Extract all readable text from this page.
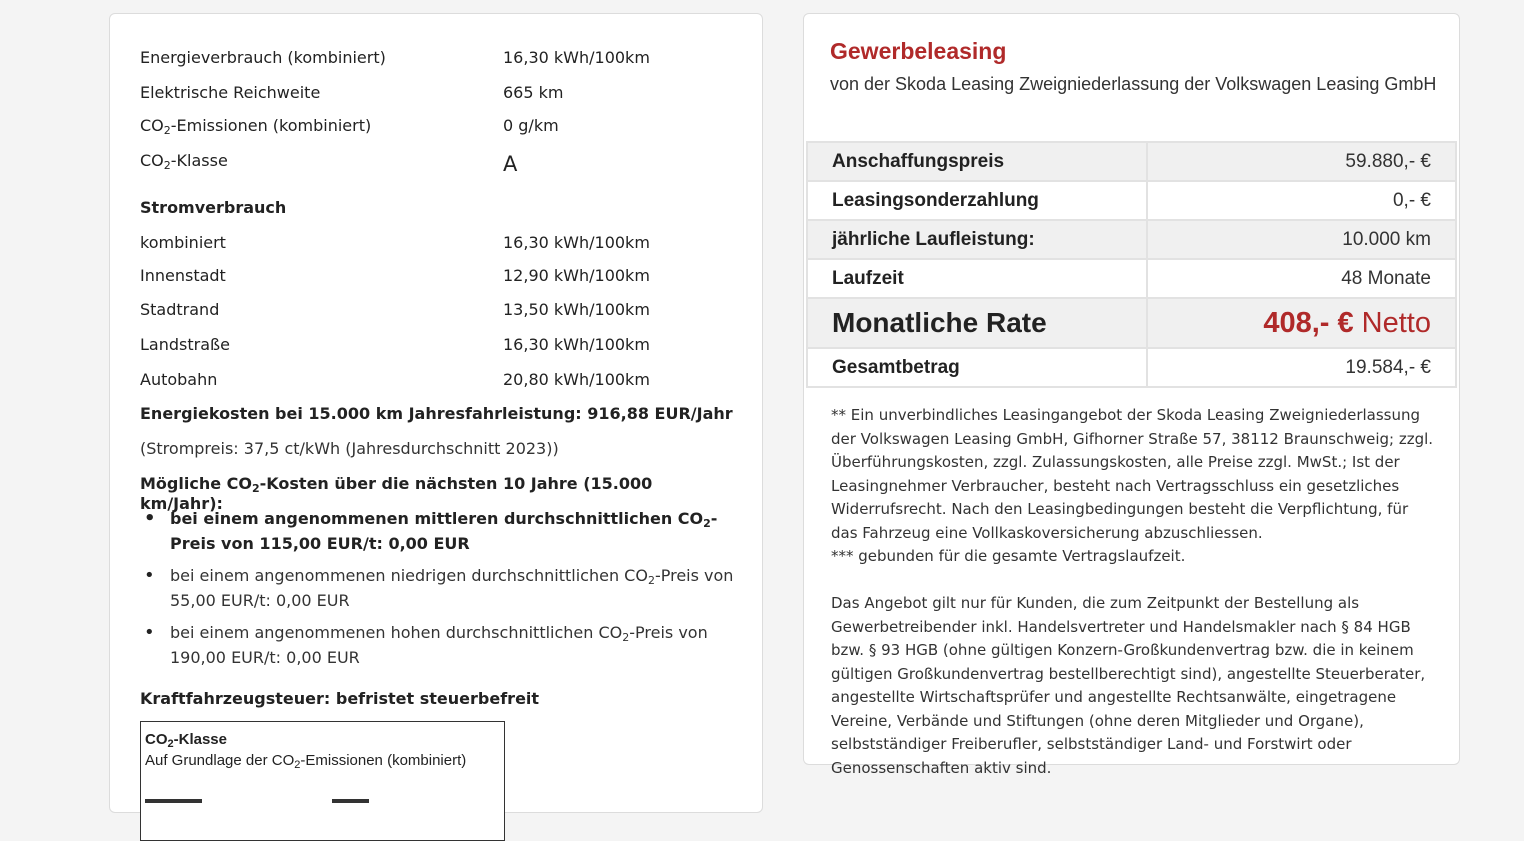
Energieverbrauch (kombiniert)	16,30 kWh/100km
Elektrische Reichweite	665 km
$CO_2$-Emissionen (kombiniert)	0 g/km
$CO_2$-Klasse	A
Stromverbrauch
kombiniert	16,30 kWh/100km
Innenstadt	12,90 kWh/100km
Stadtrand	13,50 kWh/100km
Landstraße	16,30 kWh/100km
Autobahn	20,80 kWh/100km
Energiekosten bei 15.000 km Jahresfahrleistung: 916,88 EUR/Jahr
(Strompreis: 37,5 ct/kWh (Jahresdurchschnitt 2023))
Mögliche $CO_2$-Kosten über die nächsten 10 Jahre (15.000 km/Jahr):
• bei einem angenommenen mittleren durchschnittlichen $CO_2$-Preis von 115,00 EUR/t: 0,00 EUR
• bei einem angenommenen niedrigen durchschnittlichen $CO_2$-Preis von 55,00 EUR/t: 0,00 EUR
• bei einem angenommenen hohen durchschnittlichen $CO_2$-Preis von 190,00 EUR/t: 0,00 EUR
Kraftfahrzeugsteuer: befristet steuerbefreit
$CO_2$-Klasse
Auf Grundlage der $CO_2$-Emissionen (kombiniert)
Gewerbeleasing
von der Skoda Leasing Zweigniederlassung der Volkswagen Leasing GmbH
Anschaffungspreis	59.880,- €
Leasingsonderzahlung	0,- €
jährliche Laufleistung:	10.000 km
Laufzeit	48 Monate
Monatliche Rate	408,- € Netto
Gesamtbetrag	19.584,- €

** Ein unverbindliches Leasingangebot der Skoda Leasing Zweigniederlassung der Volkswagen Leasing GmbH, Gifhorner Straße 57, 38112 Braunschweig; zzgl. Überführungskosten, zzgl. Zulassungskosten, alle Preise zzgl. MwSt.; Ist der Leasingnehmer Verbraucher, besteht nach Vertragsschluss ein gesetzliches Widerrufsrecht. Nach den Leasingbedingungen besteht die Verpflichtung, für das Fahrzeug eine Vollkaskoversicherung abzuschliessen.

*** gebunden für die gesamte Vertragslaufzeit.

Das Angebot gilt nur für Kunden, die zum Zeitpunkt der Bestellung als Gewerbetreibender inkl. Handelsvertreter und Handelsmakler nach § 84 HGB bzw. § 93 HGB (ohne gültigen Konzern-Großkundenvertrag bzw. die in keinem gültigen Großkundenvertrag bestellberechtigt sind), angestellte Steuerberater, angestellte Wirtschaftsprüfer und angestellte Rechtsanwälte, eingetragene Vereine, Verbände und Stiftungen (ohne deren Mitglieder und Organe), selbstständiger Freiberufler, selbstständiger Land- und Forstwirt oder Genossenschaften aktiv sind.
